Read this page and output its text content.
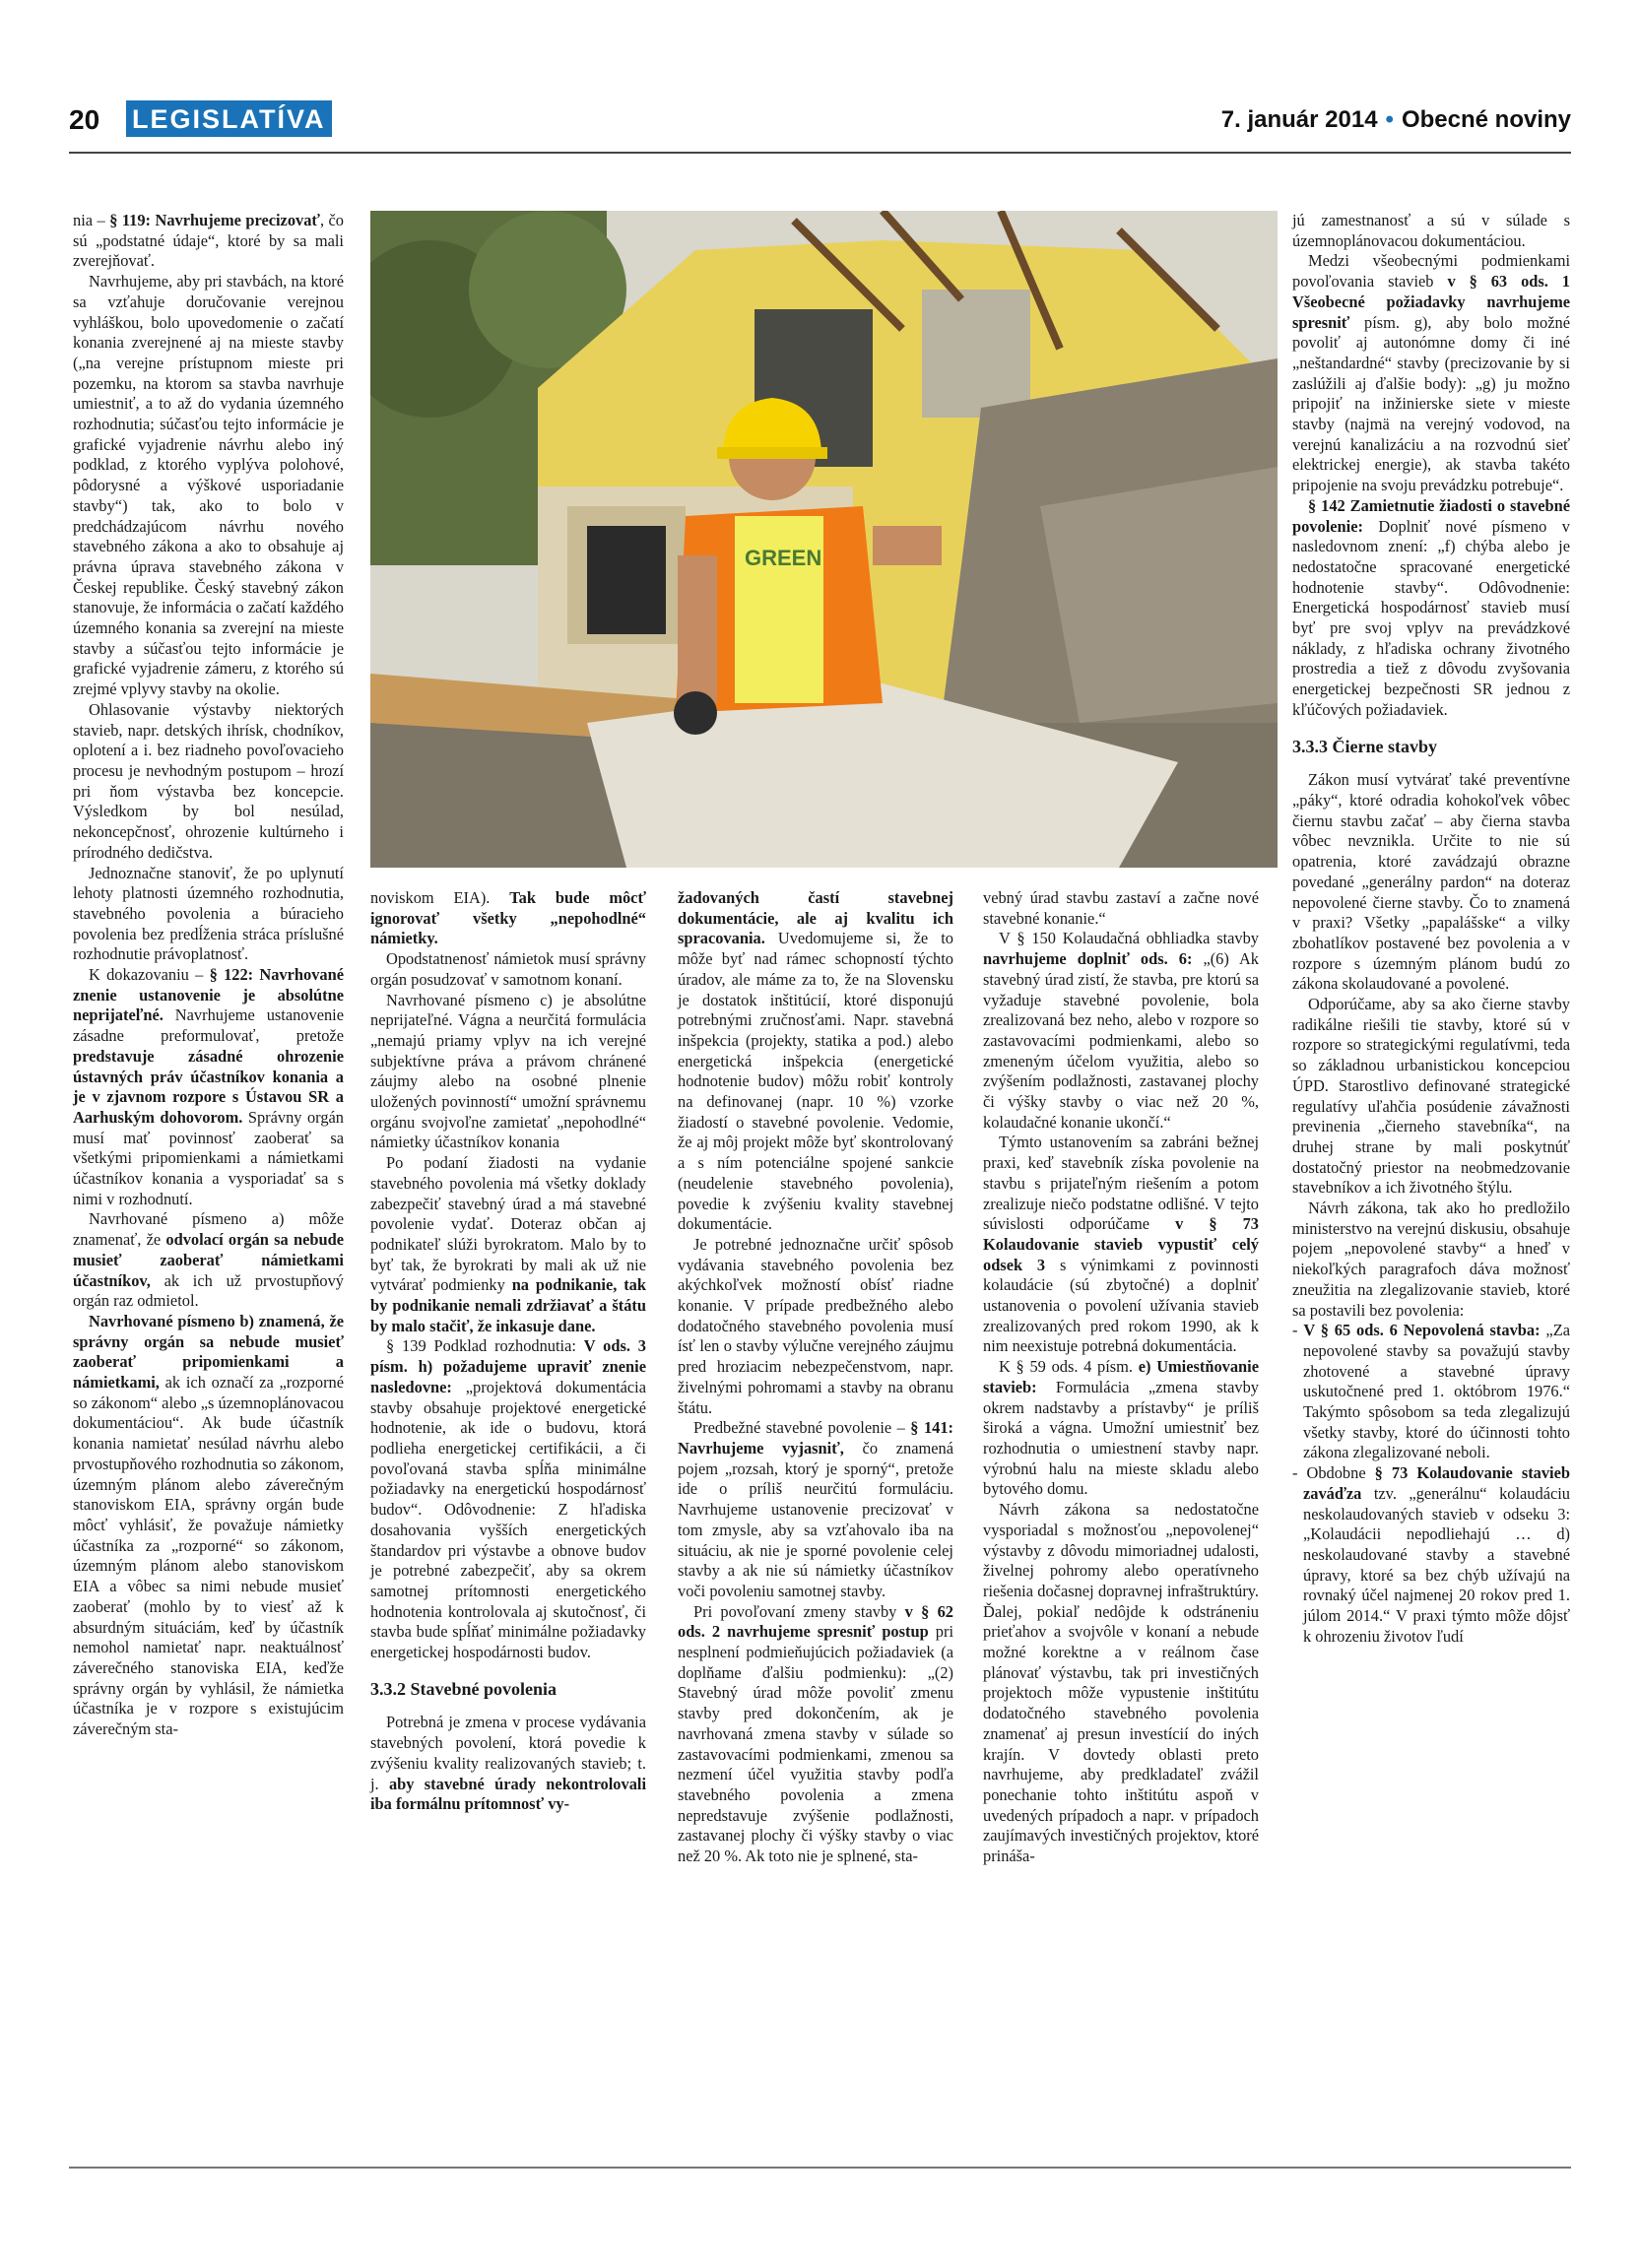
20 LEGISLATÍVA	7. január 2014 • Obecné noviny
GREEN

nia – § 119: Navrhujeme precizovať, čo sú „podstatné údaje“, ktoré by sa mali zverejňovať.

Navrhujeme, aby pri stavbách, na ktoré sa vzťahuje doručovanie verejnou vyhláškou, bolo upovedomenie o začatí konania zverejnené aj na mieste stavby („na verejne prístupnom mieste pri pozemku, na ktorom sa stavba navrhuje umiestniť, a to až do vydania územného rozhodnutia; súčasťou tejto informácie je grafické vyjadrenie návrhu alebo iný podklad, z ktorého vyplýva polohové, pôdorysné a výškové usporiadanie stavby“) tak, ako to bolo v predchádzajúcom návrhu nového stavebného zákona a ako to obsahuje aj právna úprava stavebného zákona v Českej republike. Český stavebný zákon stanovuje, že informácia o začatí každého územného konania sa zverejní na mieste stavby a súčasťou tejto informácie je grafické vyjadrenie zámeru, z ktorého sú zrejmé vplyvy stavby na okolie.

Ohlasovanie výstavby niektorých stavieb, napr. detských ihrísk, chodníkov, oplotení a i. bez riadneho povoľovacieho procesu je nevhodným postupom – hrozí pri ňom výstavba bez koncepcie. Výsledkom by bol nesúlad, nekoncepčnosť, ohrozenie kultúrneho i prírodného dedičstva.

Jednoznačne stanoviť, že po uplynutí lehoty platnosti územného rozhodnutia, stavebného povolenia a búracieho povolenia bez predĺženia stráca príslušné rozhodnutie právoplatnosť.

K dokazovaniu – § 122: Navrhované znenie ustanovenie je absolútne neprijateľné. Navrhujeme ustanovenie zásadne preformulovať, pretože predstavuje zásadné ohrozenie ústavných práv účastníkov konania a je v zjavnom rozpore s Ústavou SR a Aarhuským dohovorom. Správny orgán musí mať povinnosť zaoberať sa všetkými pripomienkami a námietkami účastníkov konania a vysporiadať sa s nimi v rozhodnutí.

Navrhované písmeno a) môže znamenať, že odvolací orgán sa nebude musieť zaoberať námietkami účastníkov, ak ich už prvostupňový orgán raz odmietol.

Navrhované písmeno b) znamená, že správny orgán sa nebude musieť zaoberať pripomienkami a námietkami, ak ich označí za „rozporné so zákonom“ alebo „s územnoplánovacou dokumentáciou“. Ak bude účastník konania namietať nesúlad návrhu alebo prvostupňového rozhodnutia so zákonom, územným plánom alebo záverečným stanoviskom EIA, správny orgán bude môcť vyhlásiť, že považuje námietky účastníka za „rozporné“ so zákonom, územným plánom alebo stanoviskom EIA a vôbec sa nimi nebude musieť zaoberať (mohlo by to viesť až k absurdným situáciám, keď by účastník nemohol namietať napr. neaktuálnosť záverečného stanoviska EIA, keďže správny orgán by vyhlásil, že námietka účastníka je v rozpore s existujúcim záverečným sta-

noviskom EIA). Tak bude môcť ignorovať všetky „nepohodlné“ námietky.

Opodstatnenosť námietok musí správny orgán posudzovať v samotnom konaní.

Navrhované písmeno c) je absolútne neprijateľné. Vágna a neurčitá formulácia „nemajú priamy vplyv na ich verejné subjektívne práva a právom chránené záujmy alebo na osobné plnenie uložených povinností“ umožní správnemu orgánu svojvoľne zamietať „nepohodlné“ námietky účastníkov konania

Po podaní žiadosti na vydanie stavebného povolenia má všetky doklady zabezpečiť stavebný úrad a má stavebné povolenie vydať. Doteraz občan aj podnikateľ slúži byrokratom. Malo by to byť tak, že byrokrati by mali ak už nie vytvárať podmienky na podnikanie, tak by podnikanie nemali zdržiavať a štátu by malo stačiť, že inkasuje dane.

§ 139 Podklad rozhodnutia: V ods. 3 písm. h) požadujeme upraviť znenie nasledovne: „projektová dokumentácia stavby obsahuje projektové energetické hodnotenie, ak ide o budovu, ktorá podlieha energetickej certifikácii, a či povoľovaná stavba spĺňa minimálne požiadavky na energetickú hospodárnosť budov“. Odôvodnenie: Z hľadiska dosahovania vyšších energetických štandardov pri výstavbe a obnove budov je potrebné zabezpečiť, aby sa okrem samotnej prítomnosti energetického hodnotenia kontrolovala aj skutočnosť, či stavba bude spĺňať minimálne požiadavky energetickej hospodárnosti budov.

3.3.2 Stavebné povolenia

Potrebná je zmena v procese vydávania stavebných povolení, ktorá povedie k zvýšeniu kvality realizovaných stavieb; t. j. aby stavebné úrady nekontrolovali iba formálnu prítomnosť vy-

žadovaných častí stavebnej dokumentácie, ale aj kvalitu ich spracovania. Uvedomujeme si, že to môže byť nad rámec schopností týchto úradov, ale máme za to, že na Slovensku je dostatok inštitúcií, ktoré disponujú potrebnými zručnosťami. Napr. stavebná inšpekcia (projekty, statika a pod.) alebo energetická inšpekcia (energetické hodnotenie budov) môžu robiť kontroly na definovanej (napr. 10 %) vzorke žiadostí o stavebné povolenie. Vedomie, že aj môj projekt môže byť skontrolovaný a s ním potenciálne spojené sankcie (neudelenie stavebného povolenia), povedie k zvýšeniu kvality stavebnej dokumentácie.

Je potrebné jednoznačne určiť spôsob vydávania stavebného povolenia bez akýchkoľvek možností obísť riadne konanie. V prípade predbežného alebo dodatočného stavebného povolenia musí ísť len o stavby výlučne verejného záujmu pred hroziacim nebezpečenstvom, napr. živelnými pohromami a stavby na obranu štátu.

Predbežné stavebné povolenie – § 141: Navrhujeme vyjasniť, čo znamená pojem „rozsah, ktorý je sporný“, pretože ide o príliš neurčitú formuláciu. Navrhujeme ustanovenie precizovať v tom zmysle, aby sa vzťahovalo iba na situáciu, ak nie je sporné povolenie celej stavby a ak nie sú námietky účastníkov voči povoleniu samotnej stavby.

Pri povoľovaní zmeny stavby v § 62 ods. 2 navrhujeme spresniť postup pri nesplnení podmieňujúcich požiadaviek (a doplňame ďalšiu podmienku): „(2) Stavebný úrad môže povoliť zmenu stavby pred dokončením, ak je navrhovaná zmena stavby v súlade so zastavovacími podmienkami, zmenou sa nezmení účel využitia stavby podľa stavebného povolenia a zmena nepredstavuje zvýšenie podlažnosti, zastavanej plochy či výšky stavby o viac než 20 %. Ak toto nie je splnené, sta-

vebný úrad stavbu zastaví a začne nové stavebné konanie.“

V § 150 Kolaudačná obhliadka stavby navrhujeme doplniť ods. 6: „(6) Ak stavebný úrad zistí, že stavba, pre ktorú sa vyžaduje stavebné povolenie, bola zrealizovaná bez neho, alebo v rozpore so zastavovacími podmienkami, alebo so zmeneným účelom využitia, alebo so zvýšením podlažnosti, zastavanej plochy či výšky stavby o viac než 20 %, kolaudačné konanie ukončí.“

Týmto ustanovením sa zabráni bežnej praxi, keď stavebník získa povolenie na stavbu s prijateľným riešením a potom zrealizuje niečo podstatne odlišné. V tejto súvislosti odporúčame v § 73 Kolaudovanie stavieb vypustiť celý odsek 3 s výnimkami z povinnosti kolaudácie (sú zbytočné) a doplniť ustanovenia o povolení užívania stavieb zrealizovaných pred rokom 1990, ak k nim neexistuje potrebná dokumentácia.

K § 59 ods. 4 písm. e) Umiestňovanie stavieb: Formulácia „zmena stavby okrem nadstavby a prístavby“ je príliš široká a vágna. Umožní umiestniť bez rozhodnutia o umiestnení stavby napr. výrobnú halu na mieste skladu alebo bytového domu.

Návrh zákona sa nedostatočne vysporiadal s možnosťou „nepovolenej“ výstavby z dôvodu mimoriadnej udalosti, živelnej pohromy alebo operatívneho riešenia dočasnej dopravnej infraštruktúry. Ďalej, pokiaľ nedôjde k odstráneniu prieťahov a svojvôle v konaní a nebude možné korektne a v reálnom čase plánovať výstavbu, tak pri investičných projektoch môže vypustenie inštitútu dodatočného stavebného povolenia znamenať aj presun investícií do iných krajín. V dovtedy oblasti preto navrhujeme, aby predkladateľ zvážil ponechanie tohto inštitútu aspoň v uvedených prípadoch a napr. v prípadoch zaujímavých investičných projektov, ktoré prináša-

jú zamestnanosť a sú v súlade s územnoplánovacou dokumentáciou.

Medzi všeobecnými podmienkami povoľovania stavieb v § 63 ods. 1 Všeobecné požiadavky navrhujeme spresniť písm. g), aby bolo možné povoliť aj autonómne domy či iné „neštandardné“ stavby (precizovanie by si zaslúžili aj ďalšie body): „g) ju možno pripojiť na inžinierske siete v mieste stavby (najmä na verejný vodovod, na verejnú kanalizáciu a na rozvodnú sieť elektrickej energie), ak stavba takéto pripojenie na svoju prevádzku potrebuje“.

§ 142 Zamietnutie žiadosti o stavebné povolenie: Doplniť nové písmeno v nasledovnom znení: „f) chýba alebo je nedostatočne spracované energetické hodnotenie stavby“. Odôvodnenie: Energetická hospodárnosť stavieb musí byť pre svoj vplyv na prevádzkové náklady, z hľadiska ochrany životného prostredia a tiež z dôvodu zvyšovania energetickej bezpečnosti SR jednou z kľúčových požiadaviek.

3.3.3 Čierne stavby

Zákon musí vytvárať také preventívne „páky“, ktoré odradia kohokoľvek vôbec čiernu stavbu začať – aby čierna stavba vôbec nevznikla. Určite to nie sú opatrenia, ktoré zavádzajú obrazne povedané „generálny pardon“ na doteraz nepovolené čierne stavby. Čo to znamená v praxi? Všetky „papalášske“ a vilky zbohatlíkov postavené bez povolenia a v rozpore s územným plánom budú zo zákona skolaudované a povolené.

Odporúčame, aby sa ako čierne stavby radikálne riešili tie stavby, ktoré sú v rozpore so strategickými regulatívmi, teda so základnou urbanistickou koncepciou ÚPD. Starostlivo definované strategické regulatívy uľahčia posúdenie závažnosti previnenia „čierneho stavebníka“, na druhej strane by mali poskytnúť dostatočný priestor na neobmedzovanie stavebníkov a ich životného štýlu.

Návrh zákona, tak ako ho predložilo ministerstvo na verejnú diskusiu, obsahuje pojem „nepovolené stavby“ a hneď v niekoľkých paragrafoch dáva možnosť zneužitia na zlegalizovanie stavieb, ktoré sa postavili bez povolenia:

- V § 65 ods. 6 Nepovolená stavba: „Za nepovolené stavby sa považujú stavby zhotovené a stavebné úpravy uskutočnené pred 1. októbrom 1976.“ Takýmto spôsobom sa teda zlegalizujú všetky stavby, ktoré do účinnosti tohto zákona zlegalizované neboli.

- Obdobne § 73 Kolaudovanie stavieb zaváďza tzv. „generálnu“ kolaudáciu neskolaudovaných stavieb v odseku 3: „Kolaudácii nepodliehajú … d) neskolaudované stavby a stavebné úpravy, ktoré sa bez chýb užívajú na rovnaký účel najmenej 20 rokov pred 1. júlom 2014.“ V praxi týmto môže dôjsť k ohrozeniu životov ľudí
